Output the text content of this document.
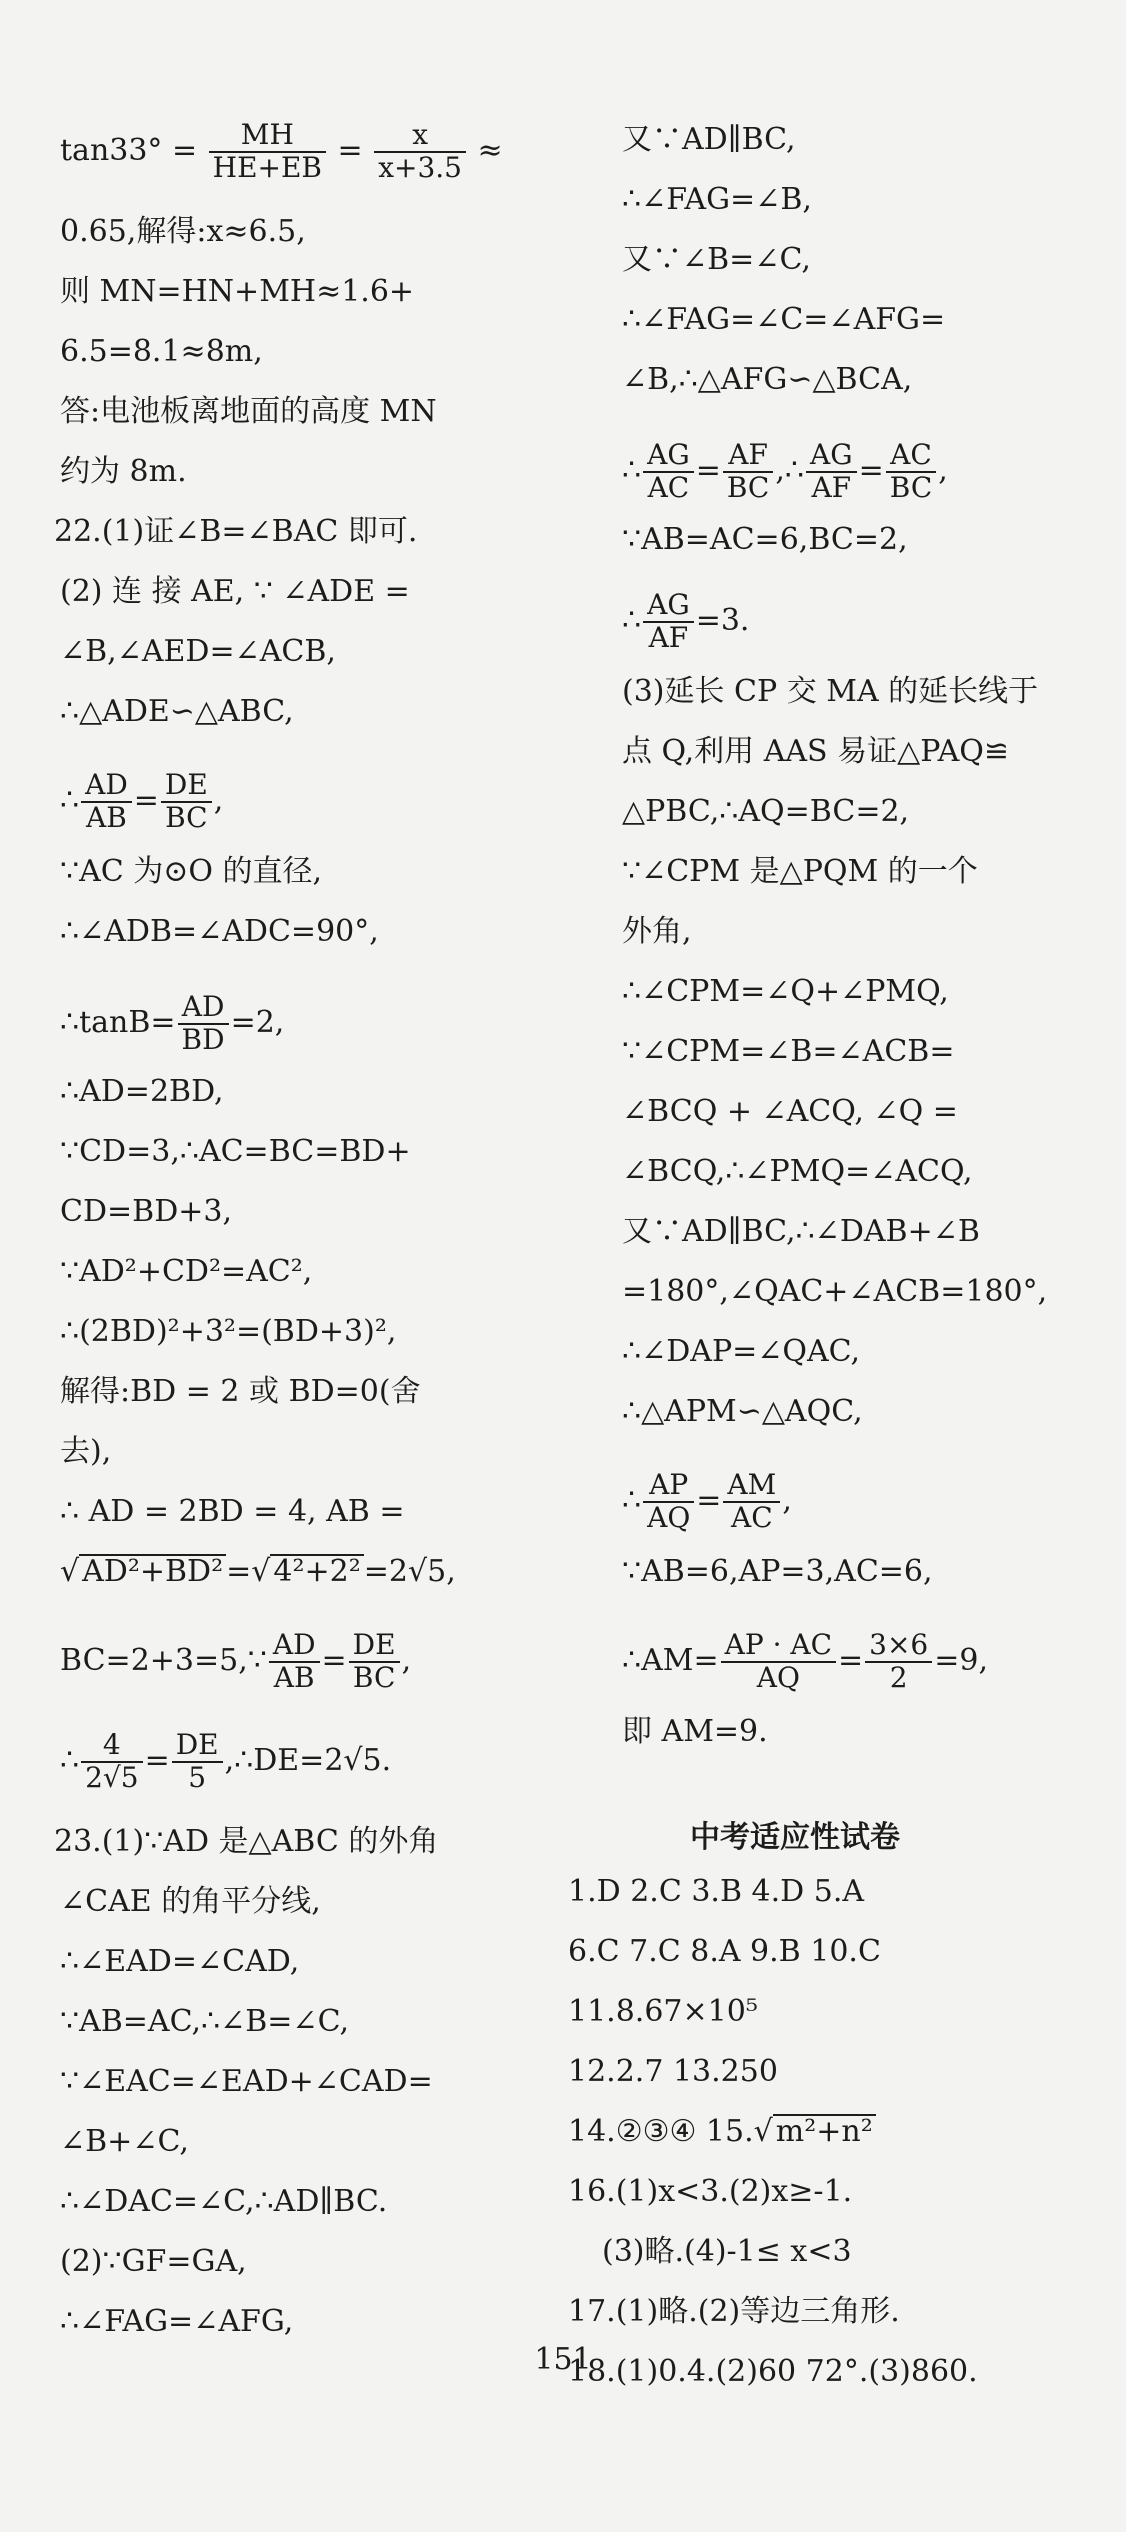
$\tan 33^\circ = \frac{MH}{HE+EB} = \frac{x}{x+3.5}$ ≈
0.65,解得:x≈6.5,
则 MN=HN+MH≈1.6+
6.5=8.1≈8m,
答:电池板离地面的高度 MN
约为 8m.
22.(1)证∠B=∠BAC 即可.
(2) 连 接 AE, ∵ ∠ADE =
∠B,∠AED=∠ACB,
∴△ADE∽△ABC,
∴ $\frac{AD}{AB} = \frac{DE}{BC}$ ,
∵AC 为⊙O 的直径,
∴∠ADB=∠ADC=90°,
∴tanB= $\frac{AD}{BD} =2$,
∴AD=2BD,
∵CD=3,∴AC=BC=BD+
CD=BD+3,
∵AD²+CD²=AC²,
∴(2BD)²+3²=(BD+3)²,
解得:BD = 2 或 BD=0(舍
去),
∴ AD = 2BD = 4, AB =
√ AD²+BD² =√ 4²+2² =2√5,
BC=2+3=5,∵ $\frac{AD}{AB} = \frac{DE}{BC}$ ,
∴ $\frac{4}{2√5} = \frac{DE}{5}$ ,∴DE=2√5.
23.(1)∵AD 是△ABC 的外角
∠CAE 的角平分线,
∴∠EAD=∠CAD,
∵AB=AC,∴∠B=∠C,
∵∠EAC=∠EAD+∠CAD=
∠B+∠C,
∴∠DAC=∠C,∴AD∥BC.
(2)∵GF=GA,
∴∠FAG=∠AFG,
又∵AD∥BC,
∴∠FAG=∠B,
又∵∠B=∠C,
∴∠FAG=∠C=∠AFG=
∠B,∴△AFG∽△BCA,
∴ $\frac{AG}{AC} = \frac{AF}{BC}$ ,∴ $\frac{AG}{AF} = \frac{AC}{BC}$ ,
∵AB=AC=6,BC=2,
∴ $\frac{AG}{AF} =3$.
(3)延长 CP 交 MA 的延长线于
点 Q,利用 AAS 易证△PAQ≌
△PBC,∴AQ=BC=2,
∵∠CPM 是△PQM 的一个
外角,
∴∠CPM=∠Q+∠PMQ,
∵∠CPM=∠B=∠ACB=
∠BCQ + ∠ACQ, ∠Q =
∠BCQ,∴∠PMQ=∠ACQ,
又∵AD∥BC,∴∠DAB+∠B
=180°,∠QAC+∠ACB=180°,
∴∠DAP=∠QAC,
∴△APM∽△AQC,
∴ $\frac{AP}{AQ} = \frac{AM}{AC}$ ,
∵AB=6,AP=3,AC=6,
∴AM= $\frac{AP \cdot AC}{AQ} = \frac{3\times 6}{2} =9$,
即 AM=9.
1.D 2.C 3.B 4.D 5.A
6.C 7.C 8.A 9.B 10.C
11.8.67×10⁵
12.2.7 13.250
14.②③④ 15.√ m²+n²
16.(1)x<3.(2)x≥-1.
(3)略.(4)-1≤ x<3
17.(1)略.(2)等边三角形.
18.(1)0.4.(2)60 72°.(3)860.
中考适应性试卷
151
